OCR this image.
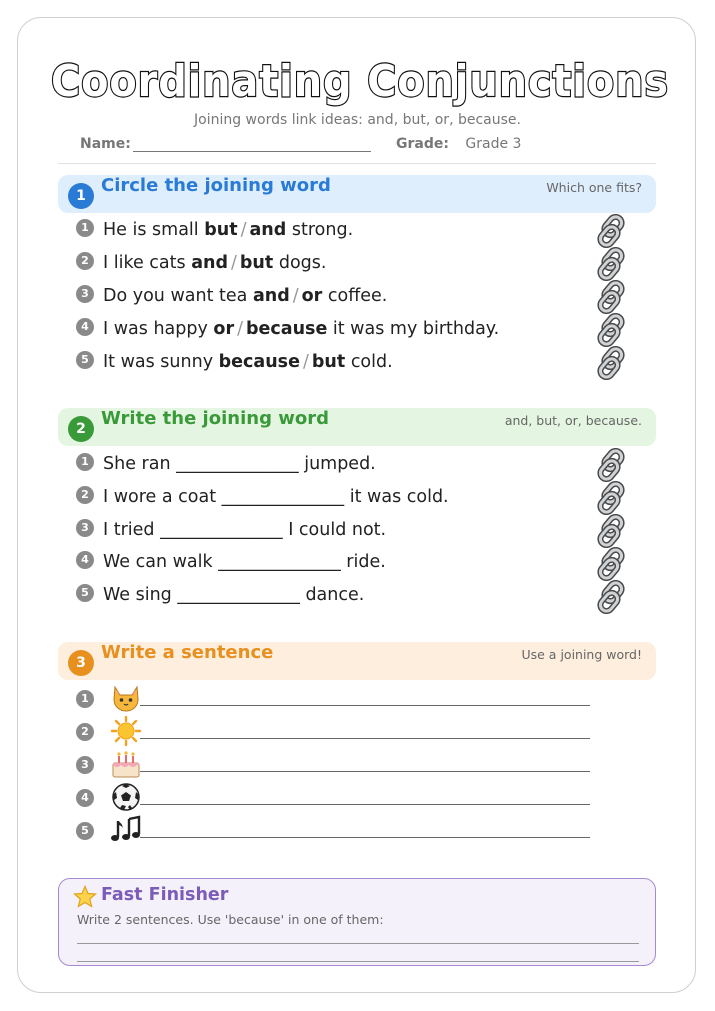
Coordinating Conjunctions
Joining words link ideas: and, but, or, because.
Name:	Grade: Grade 3
1 Circle the joining word	Which one fits?
1 He is small but / and strong.
2 I like cats and / but dogs.
3 Do you want tea and / or coffee.
4 I was happy or / because it was my birthday.
5 It was sunny because / but cold.
2 Write the joining word	and, but, or, because.
1 She ran ______________ jumped.
2 I wore a coat ______________ it was cold.
3 I tried ______________ I could not.
4 We can walk ______________ ride.
5 We sing ______________ dance.
3 Write a sentence	Use a joining word!
1
2
3
4
5
Fast Finisher
Write 2 sentences. Use 'because' in one of them:
